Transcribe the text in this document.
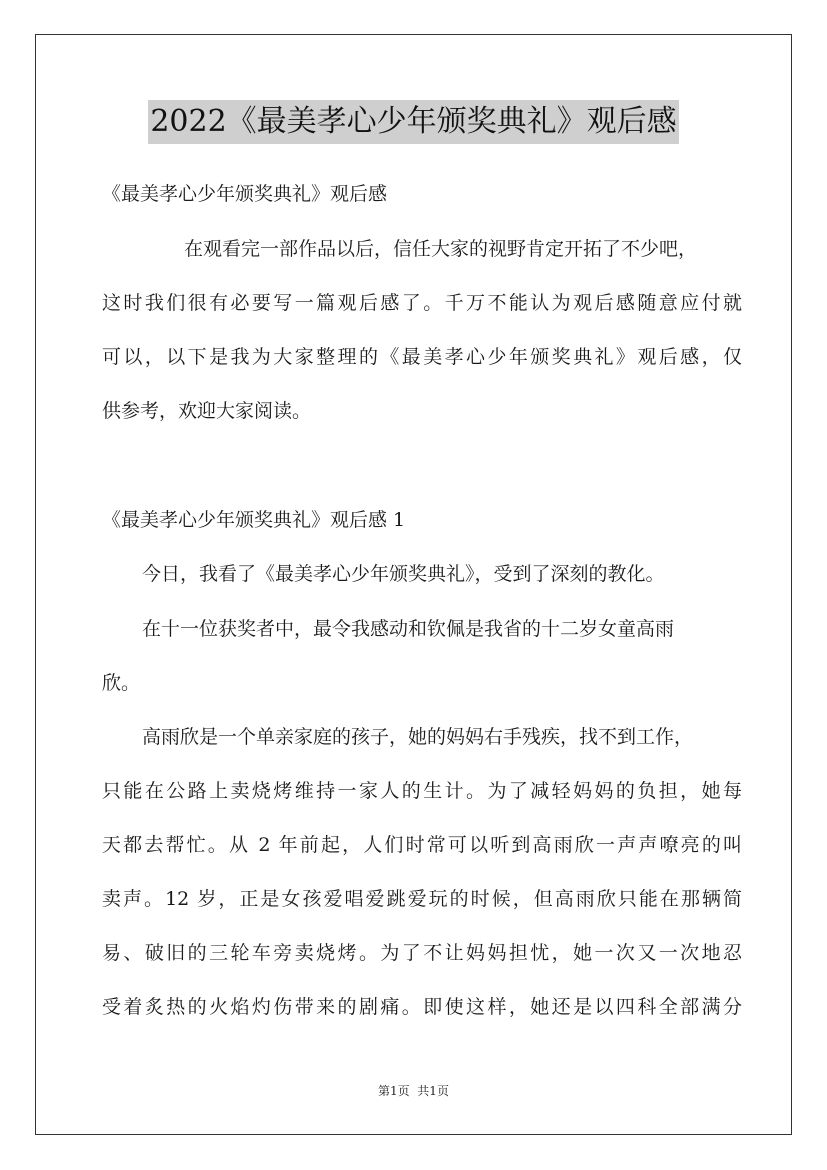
2022《最美孝心少年颁奖典礼》观后感
《最美孝心少年颁奖典礼》观后感
在观看完一部作品以后，信任大家的视野肯定开拓了不少吧，
这时我们很有必要写一篇观后感了。千万不能认为观后感随意应付就
可以，以下是我为大家整理的《最美孝心少年颁奖典礼》观后感，仅
供参考，欢迎大家阅读。
《最美孝心少年颁奖典礼》观后感 1
今日，我看了《最美孝心少年颁奖典礼》，受到了深刻的教化。
在十一位获奖者中，最令我感动和钦佩是我省的十二岁女童高雨
欣。
高雨欣是一个单亲家庭的孩子，她的妈妈右手残疾，找不到工作，
只能在公路上卖烧烤维持一家人的生计。为了减轻妈妈的负担，她每
天都去帮忙。从 2 年前起，人们时常可以听到高雨欣一声声嘹亮的叫
卖声。12 岁，正是女孩爱唱爱跳爱玩的时候，但高雨欣只能在那辆简
易、破旧的三轮车旁卖烧烤。为了不让妈妈担忧，她一次又一次地忍
受着炙热的火焰灼伤带来的剧痛。即使这样，她还是以四科全部满分
第1页  共1页
